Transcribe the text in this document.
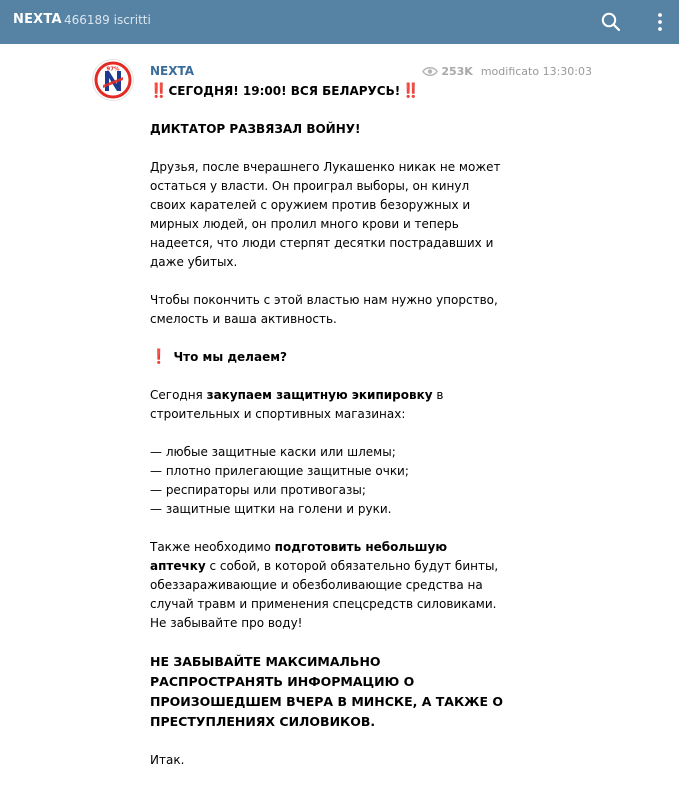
NEXTA 466189 iscritti
97%	NEXTA	253K modificato 13:30:03

‼️ СЕГОДНЯ! 19:00! ВСЯ БЕЛАРУСЬ! ‼️

ДИКТАТОР РАЗВЯЗАЛ ВОЙНУ!

Друзья, после вчерашнего Лукашенко никак не может
остаться у власти. Он проиграл выборы, он кинул
своих карателей с оружием против безоружных и
мирных людей, он пролил много крови и теперь
надеется, что люди стерпят десятки пострадавших и
даже убитых.

Чтобы покончить с этой властью нам нужно упорство,
смелость и ваша активность.

❗ Что мы делаем?

Сегодня закупаем защитную экипировку в
строительных и спортивных магазинах:

— любые защитные каски или шлемы;
— плотно прилегающие защитные очки;
— респираторы или противогазы;
— защитные щитки на голени и руки.

Также необходимо подготовить небольшую
аптечку с собой, в которой обязательно будут бинты,
обеззараживающие и обезболивающие средства на
случай травм и применения спецсредств силовиками.
Не забывайте про воду!

НЕ ЗАБЫВАЙТЕ МАКСИМАЛЬНО
РАСПРОСТРАНЯТЬ ИНФОРМАЦИЮ О
ПРОИЗОШЕДШЕМ ВЧЕРА В МИНСКЕ, А ТАКЖЕ О
ПРЕСТУПЛЕНИЯХ СИЛОВИКОВ.

Итак.
